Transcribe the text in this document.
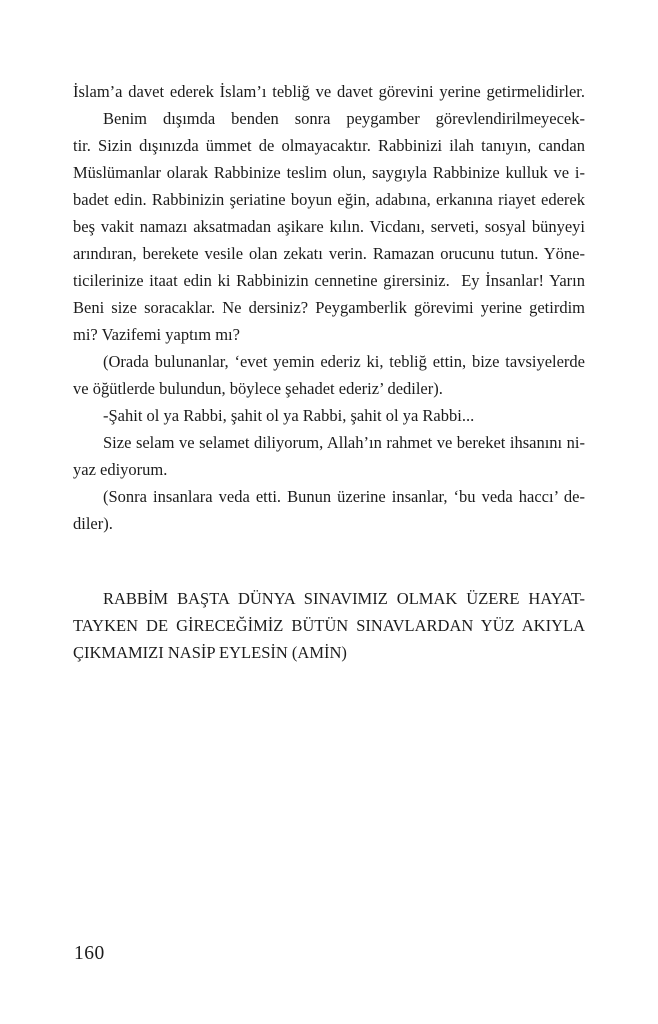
İslam’a davet ederek İslam’ı tebliğ ve davet görevini yerine getirmelidirler.
Benim dışımda benden sonra peygamber görevlendirilmeyecek-
tir. Sizin dışınızda ümmet de olmayacaktır. Rabbinizi ilah tanıyın, candan
Müslümanlar olarak Rabbinize teslim olun, saygıyla Rabbinize kulluk ve i-
badet edin. Rabbinizin şeriatine boyun eğin, adabına, erkanına riayet ederek
beş vakit namazı aksatmadan aşikare kılın. Vicdanı, serveti, sosyal bünyeyi
arındıran, berekete vesile olan zekatı verin. Ramazan orucunu tutun. Yöne-
ticilerinize itaat edin ki Rabbinizin cennetine girersiniz.  Ey İnsanlar! Yarın
Beni size soracaklar. Ne dersiniz? Peygamberlik görevimi yerine getirdim
mi? Vazifemi yaptım mı?
(Orada bulunanlar, ‘evet yemin ederiz ki, tebliğ ettin, bize tavsiyelerde
ve öğütlerde bulundun, böylece şehadet ederiz’ dediler).
-Şahit ol ya Rabbi, şahit ol ya Rabbi, şahit ol ya Rabbi...
Size selam ve selamet diliyorum, Allah’ın rahmet ve bereket ihsanını ni-
yaz ediyorum.
(Sonra insanlara veda etti. Bunun üzerine insanlar, ‘bu veda haccı’ de-
diler).
RABBİM BAŞTA DÜNYA SINAVIMIZ OLMAK ÜZERE HAYAT-
TAYKEN DE GİRECEĞİMİZ BÜTÜN SINAVLARDAN YÜZ AKIYLA
ÇIKMAMIZI NASİP EYLESİN (AMİN)
160
